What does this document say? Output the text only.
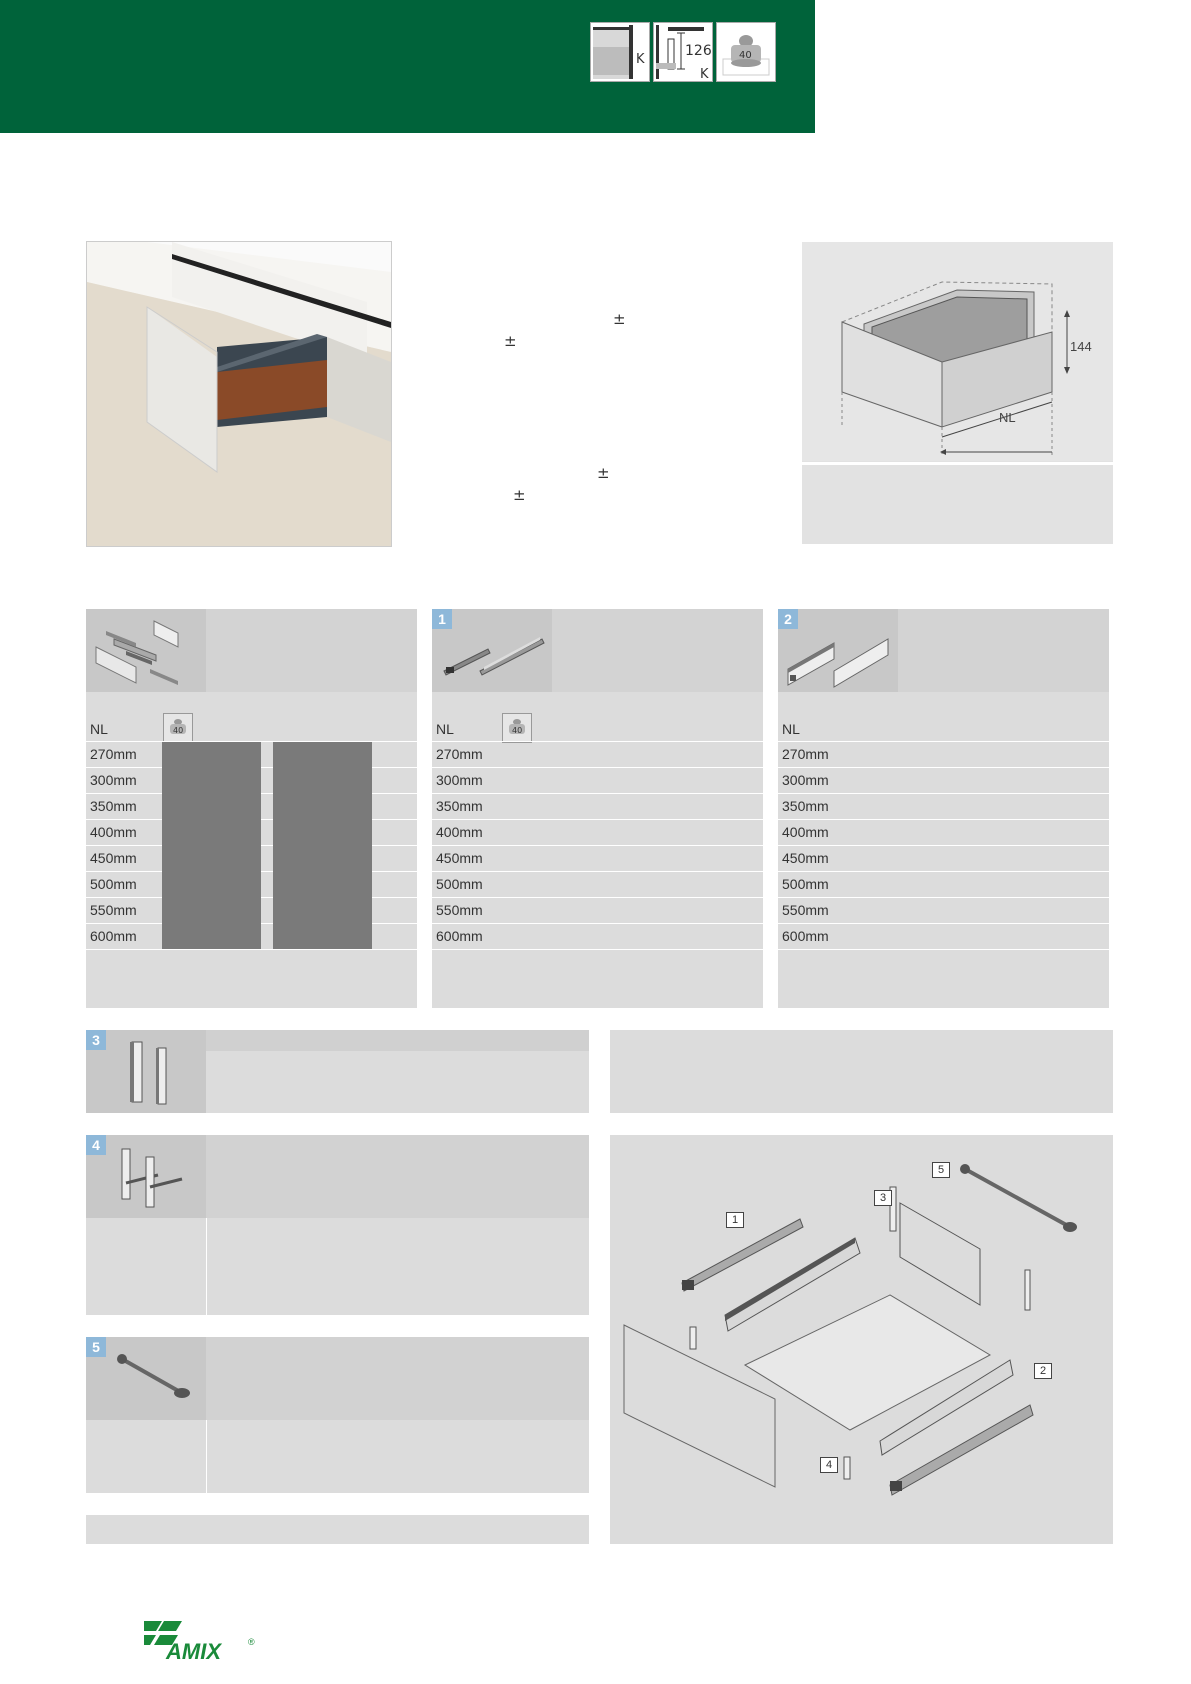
K
126
K
40
±
±
±
±
144
NL
NL	40
270mm
300mm
350mm
400mm
450mm
500mm
550mm
600mm
1
NL	40
270mm
300mm
350mm
400mm
450mm
500mm
550mm
600mm
2
NL
270mm
300mm
350mm
400mm
450mm
500mm
550mm
600mm
3
4
5
1
2
3
4
5
AMIX	®
